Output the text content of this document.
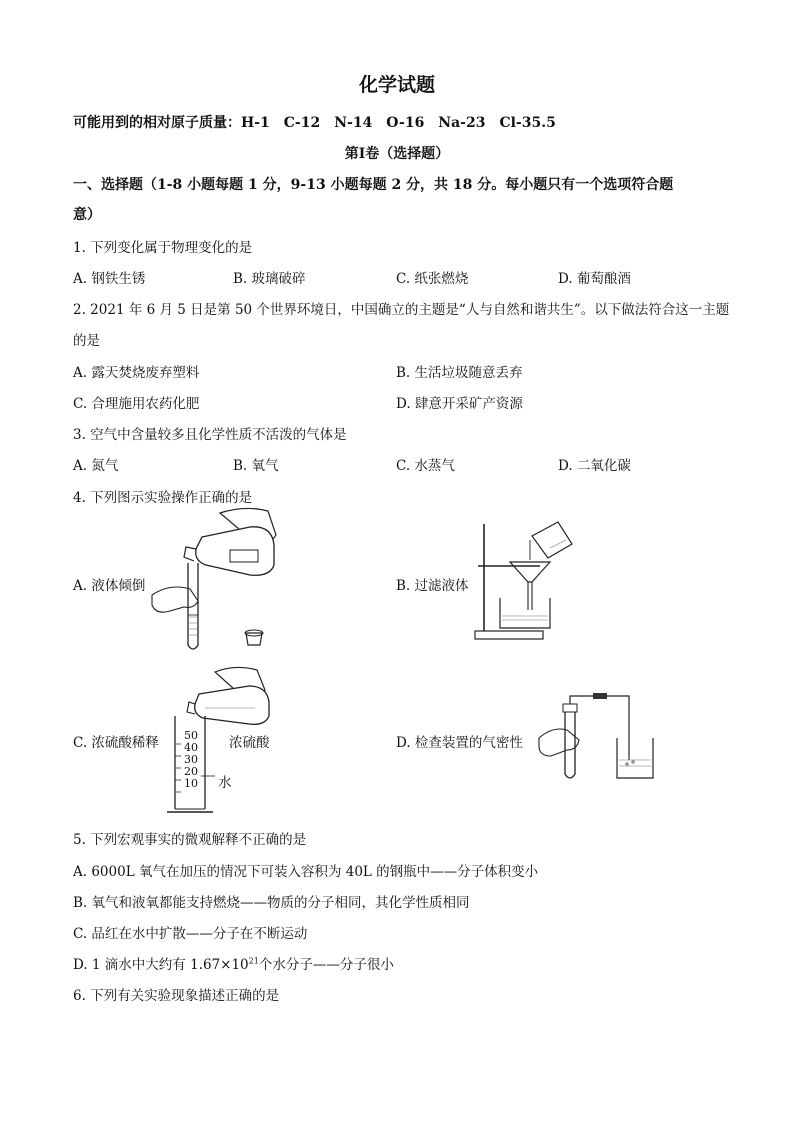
化学试题
可能用到的相对原子质量：H-1　C-12　N-14　O-16　Na-23　Cl-35.5
第Ⅰ卷（选择题）
一、选择题（1-8 小题每题 1 分，9-13 小题每题 2 分，共 18 分。每小题只有一个选项符合题
意）
1. 下列变化属于物理变化的是
A. 钢铁生锈	B. 玻璃破碎	C. 纸张燃烧	D. 葡萄酿酒
2. 2021 年 6 月 5 日是第 50 个世界环境日，中国确立的主题是“人与自然和谐共生”。以下做法符合这一主题
的是
A. 露天焚烧废弃塑料	B. 生活垃圾随意丢弃
C. 合理施用农药化肥	D. 肆意开采矿产资源
3. 空气中含量较多且化学性质不活泼的气体是
A. 氮气	B. 氧气	C. 水蒸气	D. 二氧化碳
4. 下列图示实验操作正确的是
A. 液体倾倒	B. 过滤液体
C. 浓硫酸稀释 50
40
30
20
10
浓硫酸
水
D. 检查装置的气密性
5. 下列宏观事实的微观解释不正确的是
A. 6000L 氧气在加压的情况下可装入容积为 40L 的钢瓶中——分子体积变小
B. 氧气和液氧都能支持燃烧——物质的分子相同，其化学性质相同
C. 品红在水中扩散——分子在不断运动
D. 1 滴水中大约有 $1.67\times 10^{21}$个水分子——分子很小
6. 下列有关实验现象描述正确的是
